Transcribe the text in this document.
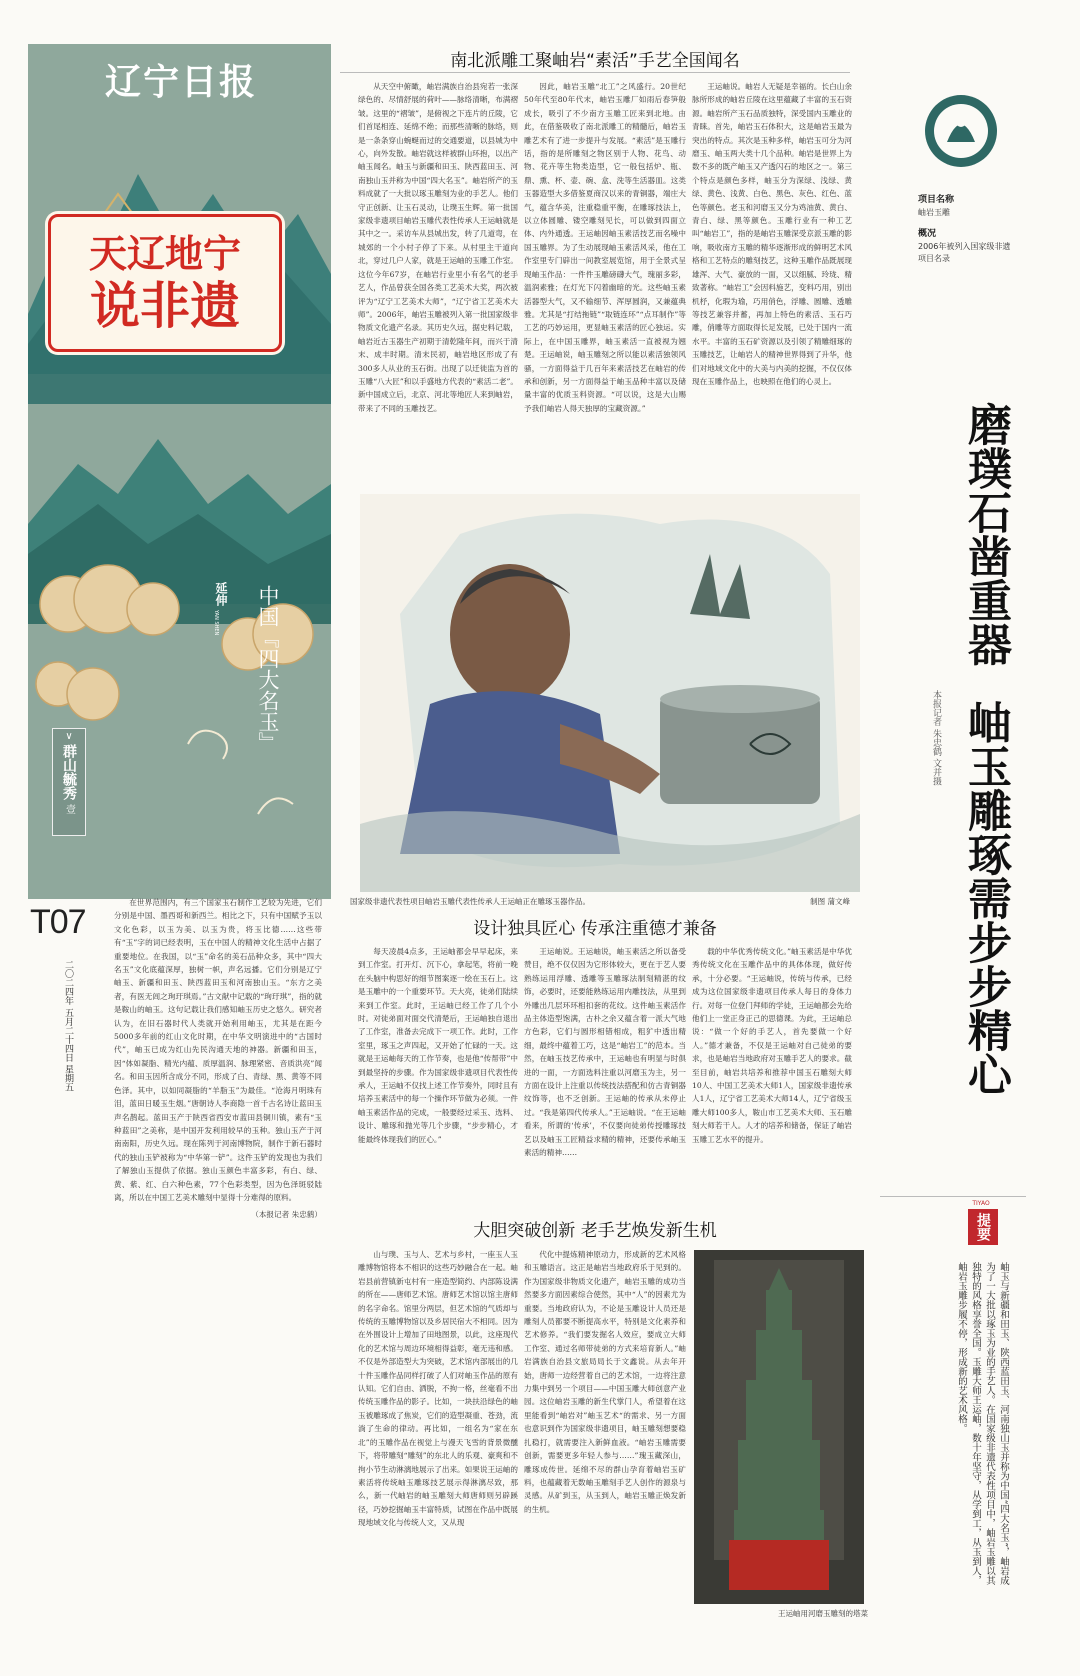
辽宁日报
天辽地宁
说非遗
延伸
YAN SHEN 中国『四大名玉』
∨
群山毓秀
壹
T07
二〇二四年 五月二十四日 星期五

在世界范围内，有三个国家玉石制作工艺较为先进，它们分别是中国、墨西哥和新西兰。相比之下，只有中国赋予玉以文化色彩，以玉为美、以玉为贵，将玉比德……这些带有“玉”字的词已经表明，玉在中国人的精神文化生活中占据了重要地位。在我国，以“玉”命名的美石品种众多，其中“四大名玉”文化底蕴深厚，独树一帜，声名远播。它们分别是辽宁岫玉、新疆和田玉、陕西蓝田玉和河南独山玉。“东方之美者，有医无闾之珣玗琪焉。”古文献中记载的“珣玗琪”，指的就是鞍山的岫玉。这句记载让我们感知岫玉历史之悠久。研究者认为，在旧石器时代人类就开始利用岫玉，尤其是在距今5000多年前的红山文化时期，在中华文明演进中的“古国时代”，岫玉已成为红山先民沟通天地的神器。新疆和田玉，因“体如凝脂、精光内蕴、质厚温润、脉理紧密、音质洪亮”闻名。和田玉因所含成分不同，形成了白、青绿、黑、黄等不同色泽。其中，以如同凝脂的“羊脂玉”为最佳。“沧海月明珠有泪，蓝田日暖玉生烟。”唐朝诗人李商隐一首千古名诗让蓝田玉声名鹊起。蓝田玉产于陕西省西安市蓝田县铜川镇，素有“玉种蓝田”之美称，是中国开发利用较早的玉种。独山玉产于河南南阳，历史久远。现在陈列于河南博物院，制作于新石器时代的独山玉铲被称为“中华第一铲”。这件玉铲的发现也为我们了解独山玉提供了依据。独山玉颜色丰富多彩，有白、绿、黄、紫、红、白六种色素，77个色彩类型，因为色泽斑驳陆离，所以在中国工艺美术雕刻中显得十分难得的原料。

（本报记者 朱忠鹤）
南北派雕工聚岫岩“素活”手艺全国闻名

从天空中俯瞰，岫岩满族自治县宛若一张深绿色的、尽情舒展的荷叶——脉络清晰，布满褶皱。这里的“褶皱”，是俯视之下连片的丘陵，它们首尾相连、延绵不绝；而那些清晰的脉络，则是一条条穿山蜿蜒而过的交通要道，以县城为中心，向外发散。岫岩就这样被群山环抱，以出产岫玉闻名。岫玉与新疆和田玉、陕西蓝田玉、河南独山玉并称为中国“四大名玉”。岫岩所产的玉料成就了一大批以琢玉雕刻为业的手艺人。他们守正创新、让玉石灵动，让璞玉生辉。第一批国家级非遗项目岫岩玉雕代表性传承人王运岫就是其中之一。采访车从县城出发，转了几道弯，在城郊的一个小村子停了下来。从村里主干道向北，穿过几户人家，就是王运岫的玉雕工作室。这位今年67岁，在岫岩行业里小有名气的老手艺人，作品曾获全国各类工艺美术大奖，两次被评为“辽宁工艺美术大师”，“辽宁省工艺美术大师”。2006年，岫岩玉雕被列入第一批国家级非物质文化遗产名录。其历史久远，据史料记载，岫岩近古玉器生产初期于清乾隆年间，而兴于清末、成丰时期。清末民初，岫岩地区形成了有300多人从业的玉石街。出现了以迁徙监为首的玉雕“八大匠”和以手盛地方代表的“素活二老”。新中国成立后，北京、河北等地匠人来到岫岩，带来了不同的玉雕技艺。

因此，岫岩玉雕“北工”之风盛行。20世纪50年代至80年代末，岫岩玉雕厂如雨后春笋般成长，吸引了不少南方玉雕工匠来到北地。由此，在借鉴吸收了南北派雕工的精髓后，岫岩玉雕艺术有了进一步提升与发展。“素活”是玉雕行话，指的是所雕刻之物区别于人物、花鸟、动物、花卉等生物类造型，它一般包括炉、瓶、鼎、熏、杯、壶、碗、盒、洗等生活器皿。这类玉器造型大多借鉴夏商汉以来的青铜器，端庄大气，蕴含华美，注重稳重平衡，在雕琢技法上，以立体圆雕、镂空雕刻见长，可以做到四面立体、内外通透。王运岫因岫玉素活技艺而名噪中国玉雕界。为了生动展现岫玉素活风采，他在工作室里专门辟出一间教室展览馆，用于全景式呈现岫玉作品：一件件玉雕磅礴大气，瑰丽多彩，温润素雅；在灯光下闪着幽暗的光。这些岫玉素活器型大气，又不输细节、浑厚圆润，又兼蕴典雅。尤其是“打结拖链”“取链连环”“点耳制作”等工艺的巧妙运用，更显岫玉素活的匠心独运。实际上，在中国玉雕界，岫玉素活一直被视为翘楚。王运岫说，岫玉雕刻之所以能以素活独领风骚，一方面得益于几百年来素活技艺在岫岩的传承和创新，另一方面得益于岫玉品种丰富以及储量丰富的优质玉料资源。“可以说，这是大山赐予我们岫岩人得天独厚的宝藏资源。”

王运岫说。岫岩人无疑是幸福的。长白山余脉所形成的岫岩丘陵在这里蕴藏了丰富的玉石资源。岫岩所产玉石品质独特，深受国内玉雕业的青睐。首先，岫岩玉石体积大，这是岫岩玉最为突出的特点。其次是玉种多样，岫岩玉可分为河磨玉、岫玉两大类十几个品种。岫岩是世界上为数不多的既产岫玉又产透闪石的地区之一。第三个特点是颜色多样，岫玉分为深绿、浅绿、黄绿、黄色、浅黄、白色、黑色、灰色、红色、蓝色等颜色。老玉和河磨玉又分为鸡油黄、黄白、青白、绿、黑等颜色。玉雕行业有一种工艺叫“岫岩工”，指的是岫岩玉雕深受京派玉雕的影响，吸收南方玉雕的精华逐渐形成的鲜明艺术风格和工艺特点的雕刻技艺，这种玉雕作品既展现雄浑、大气、豪放的一面，又以细腻、玲珑、精致著称。“岫岩工”会因料施艺，变料巧用，别出机杼，化瑕为瑜，巧用俏色，浮雕、圆雕、透雕等技艺兼容并蓄，再加上特色的素活、玉石巧雕，俏雕等方面取得长足发展，已处于国内一流水平。丰富的玉石矿资源以及引领了精雕细琢的玉雕技艺，让岫岩人的精神世界得到了升华，他们对地域文化中的大美与内美的挖掘，不仅仅体现在玉雕作品上，也映照在他们的心灵上。

国家级非遗代表性项目岫岩玉雕代表性传承人王运岫正在雕琢玉器作品。	制图 蒲文峰
设计独具匠心 传承注重德才兼备

每天凌晨4点多，王运岫都会早早起床，来到工作室。打开灯、沉下心，拿起笔，将前一晚在头脑中构思好的细节图案逐一绘在玉石上。这是玉雕中的一个重要环节。天大亮，徒弟们陆续来到工作室。此时，王运岫已经工作了几个小时。对徒弟面对面交代清楚后，王运岫独自退出了工作室，准备去完成下一项工作。此时，工作室里，琢玉之声四起，又开始了忙碌的一天。这就是王运岫每天的工作节奏，也是他“传帮带”中到最坚持的步骤。作为国家级非遗项目代表性传承人，王运岫不仅找上述工作节奏外，同时且有培养玉素活中的每一个操作环节做为必须。一件岫玉素活作品的完成，一般要经过采玉、选料、设计、雕琢和抛光等几个步骤，“步步精心，才能最终体现我们的匠心。”

王运岫说。王运岫说，岫玉素活之所以备受赞目，绝不仅仅因为它形体较大，更在于艺人要熟练运用浮雕、透雕等玉雕琢法制刻精湛的纹饰，必要时，还要能熟练运用内雕技法，从里到外雕出几层环环相扣套的花纹。这件岫玉素活作品主体造型饱满，古朴之余又蕴含着一派大气地方色彩，它们与圆形相错相成，粗犷中透出精细，最终中蕴着工巧，这是“岫岩工”的范本。当然，在岫玉技艺传承中，王运岫也有明显与时俱进的一面，一方面选料注重以河磨玉为主，另一方面在设计上注重以传统技法搭配和仿古青铜器纹饰等，也不乏创新。王运岫的传承从未停止过。“我是第四代传承人。”王运岫说。“在王运岫看来，所谓的‘传承’，不仅要向徒弟传授雕琢技艺以及岫玉工匠精益求精的精神，还要传承岫玉素活的精神……

载的中华优秀传统文化。”岫玉素活是中华优秀传统文化在玉雕作品中的具体体现，做好传承，十分必要。“王运岫说，传统与传承，已经成为这位国家级非遗项目传承人每日的身体力行。对每一位登门拜师的学徒，王运岫都会先给他们上一堂正身正己的思德课。为此，王运岫总说：“做一个好的手艺人，首先要做一个好人。”德才兼备，不仅是王运岫对自己徒弟的要求，也是岫岩当地政府对玉雕手艺人的要求。截至目前，岫岩共培养和推荐中国玉石雕刻大师10人、中国工艺美术大师1人，国家级非遗传承人1人，辽宁省工艺美术大师14人，辽宁省级玉雕大师100多人，鞍山市工艺美术大师、玉石雕刻大师若干人。人才的培养和储备，保证了岫岩玉雕工艺水平的提升。

大胆突破创新 老手艺焕发新生机

山与璞、玉与人、艺术与乡村，一座玉人玉雕博物馆将本不相识的这些巧妙融合在一起。岫岩县前营镇新屯村有一座造型简约、内部陈设满的所在——唐师艺术馆。唐师艺术馆以馆主唐师的名字命名。馆里分两层，但艺术馆的气质却与传统的玉雕博物馆以及乡居民宿大不相同。因为在外围设计上增加了田地图景，以此，这座现代化的艺术馆与周边环境相得益彰，毫无违和感。不仅是外部造型大为突破，艺术馆内部展出的几十件玉雕作品同样打破了人们对岫玉作品的原有认知。它们自由、洒脱，不拘一格，丝毫看不出传统玉雕作品的影子。比如，一块扶沿绿色的岫玉被雕琢成了焦炭，它们的造型凝重、苍劲，流淌了生命的律动。再比如，一组名为“家在东北”的玉雕作品在视觉上与漫天飞雪的背景微醺下，将带雕刻“雕刻”的东北人的乐观、豪爽和不拘小节生动淋漓地展示了出来。如果说王运岫的素活将传统岫玉雕琢技艺展示得淋漓尽致，那么，新一代岫岩的岫玉雕刻大师唐师则另辟蹊径，巧妙挖掘岫玉丰富特质，试图在作品中既展现地域文化与传统人文，又从现

代化中提炼精神原动力，形成新的艺术风格和玉雕语言。这正是岫岩当地政府乐于见到的。作为国家级非物质文化遗产，岫岩玉雕的成功当然要多方面因素综合使然，其中“人”的因素尤为重要。当地政府认为，不论是玉雕设计人员还是雕刻人员都要不断提高水平，特别是文化素养和艺术修养。“我们要发掘名人效应，要成立大师工作室、通过名师带徒弟的方式来培育新人。”岫岩满族自治县文旅局局长于文鑫说。从去年开始，唐师一边经营着自己的艺术馆，一边将注意力集中到另一个项目——中国玉雕大师创意产业园。这位岫岩玉雕的新生代掌门人，希望着在这里能看到“岫岩对”岫玉艺术“的需求、另一方面也意识到作为国家级非遗项目，岫玉雕刻想要稳扎稳打，就需要注入新鲜血液。“岫岩玉雕需要创新，需要更多年轻人参与……”瑰玉藏深山，雕琢成传世。延绵不尽的群山孕育着岫岩玉矿料，也蕴藏着无数岫玉雕刻手艺人创作的源泉与灵感。从矿到玉，从玉到人，岫岩玉雕正焕发新的生机。

王运岫用河磨玉雕刻的塔菜
项目名称
岫岩玉雕
概况
2006年被列入国家级非遗项目名录
磨璞石凿重器
岫玉雕琢需步步精心
本报记者 朱忠鹤 文并摄
TIYAO
提要
岫玉与新疆和田玉、陕西蓝田玉、河南独山玉并称为中国“四大名玉”，岫岩成为了一大批以琢玉为业的手艺人。在国家级非遗代表性项目中，岫岩玉雕以其独特的风格享誉全国。玉雕大师王运岫，数十年坚守，从学到工，从玉到人，岫岩玉雕步履不停，形成新的艺术风格。
